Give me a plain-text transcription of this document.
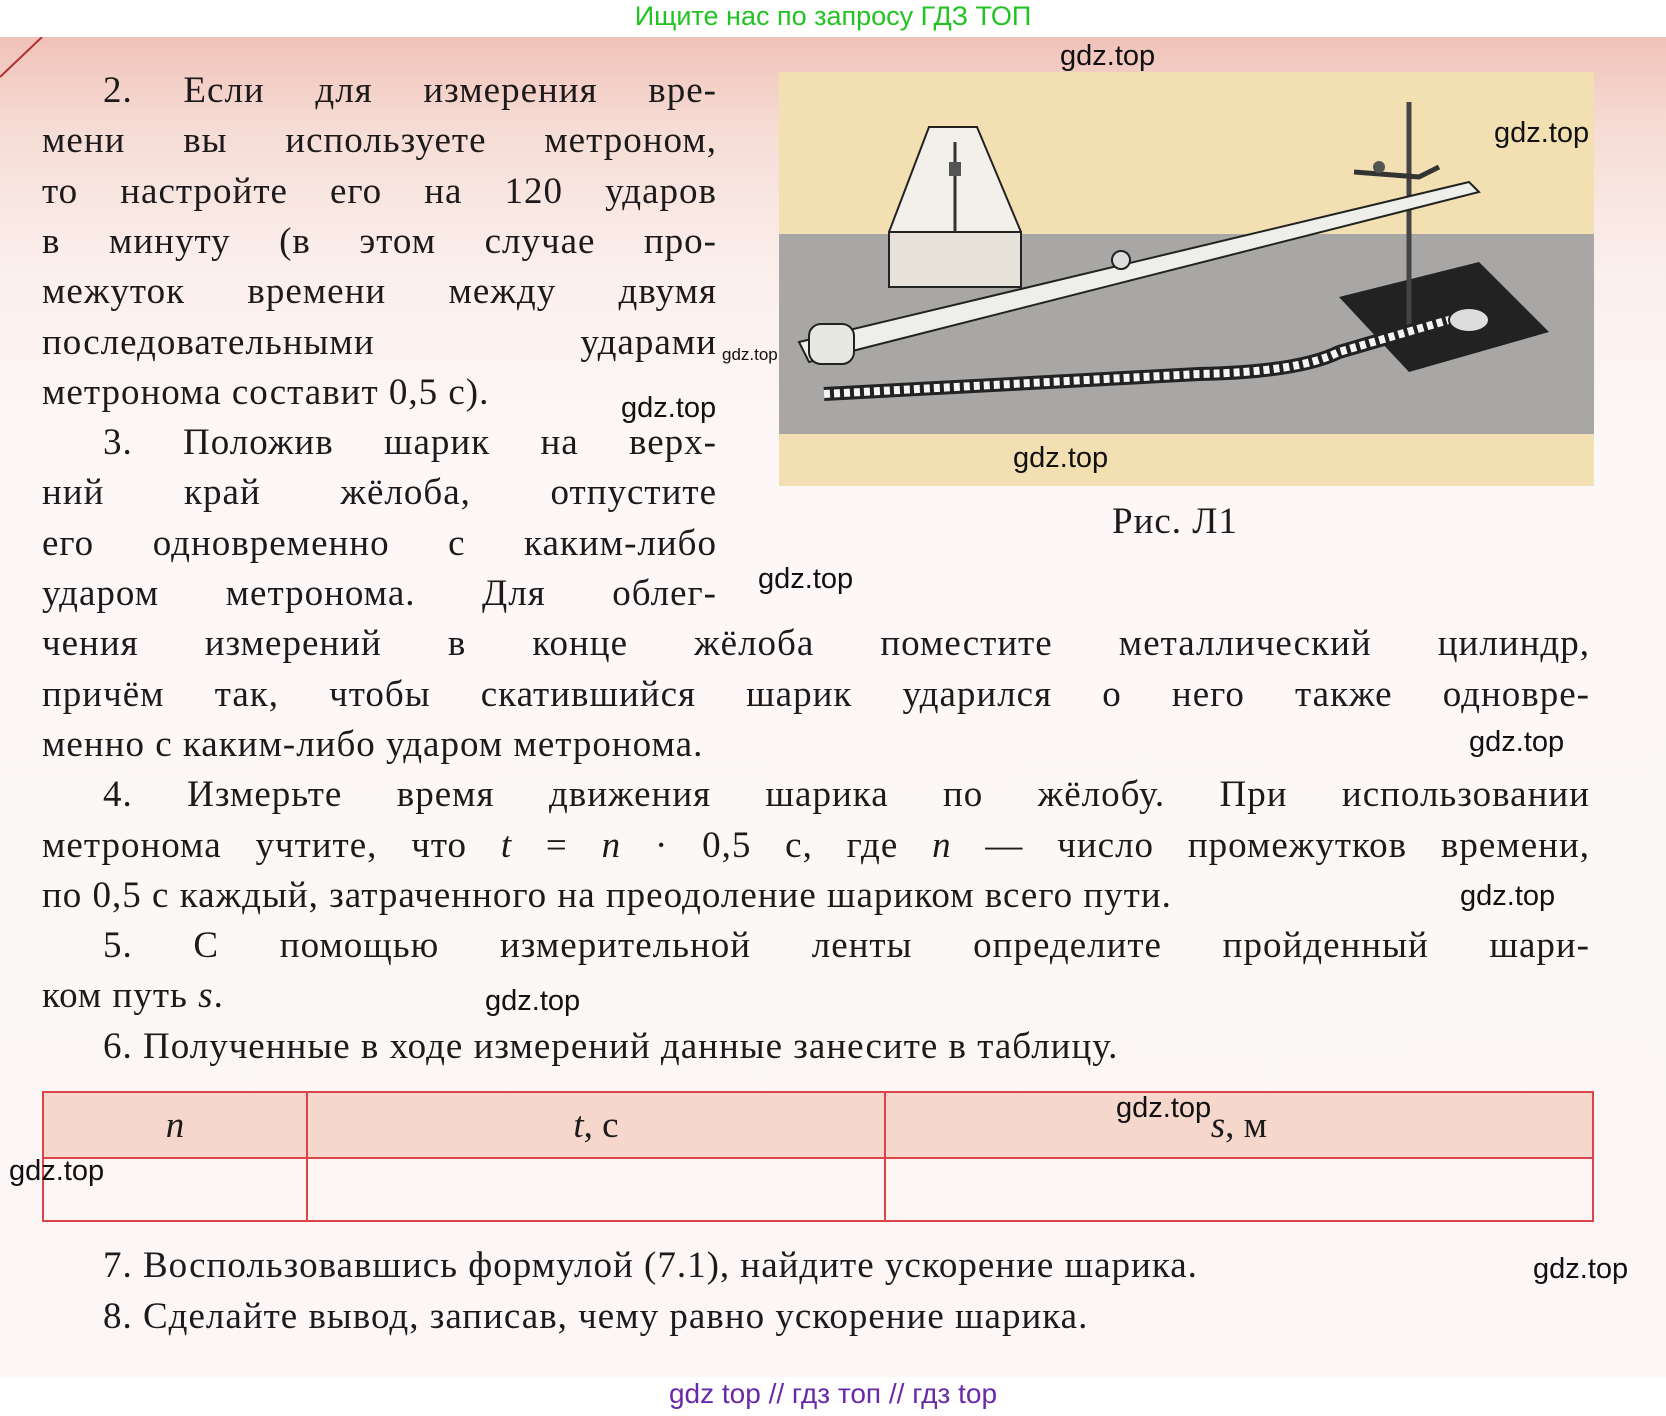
Ищите нас по запросу ГДЗ ТОП
2. Если для измерения вре-
мени вы используете метроном,
то настройте его на 120 ударов
в минуту (в этом случае про-
межуток времени между двумя
последовательными ударами
метронома составит 0,5 с).
3. Положив шарик на верх-
ний край жёлоба, отпустите
его одновременно с каким-либо
ударом метронома. Для облег-
чения измерений в конце жёлоба поместите металлический цилиндр,
причём так, чтобы скатившийся шарик ударился о него также одновре-
менно с каким-либо ударом метронома.
4. Измерьте время движения шарика по жёлобу. При использовании
метронома учтите, что t = n · 0,5 с, где n — число промежутков времени,
по 0,5 с каждый, затраченного на преодоление шариком всего пути.
5. С помощью измерительной ленты определите пройденный шари-
ком путь s.
6. Полученные в ходе измерений данные занесите в таблицу.
7. Воспользовавшись формулой (7.1), найдите ускорение шарика.
8. Сделайте вывод, записав, чему равно ускорение шарика.
Рис. Л1
n	t, с	s, м

gdz top // гдз топ // гдз top
gdz.top
gdz.top
gdz.top
gdz.top
gdz.top
gdz.top
gdz.top
gdz.top
gdz.top
gdz.top
gdz.top
gdz.top
